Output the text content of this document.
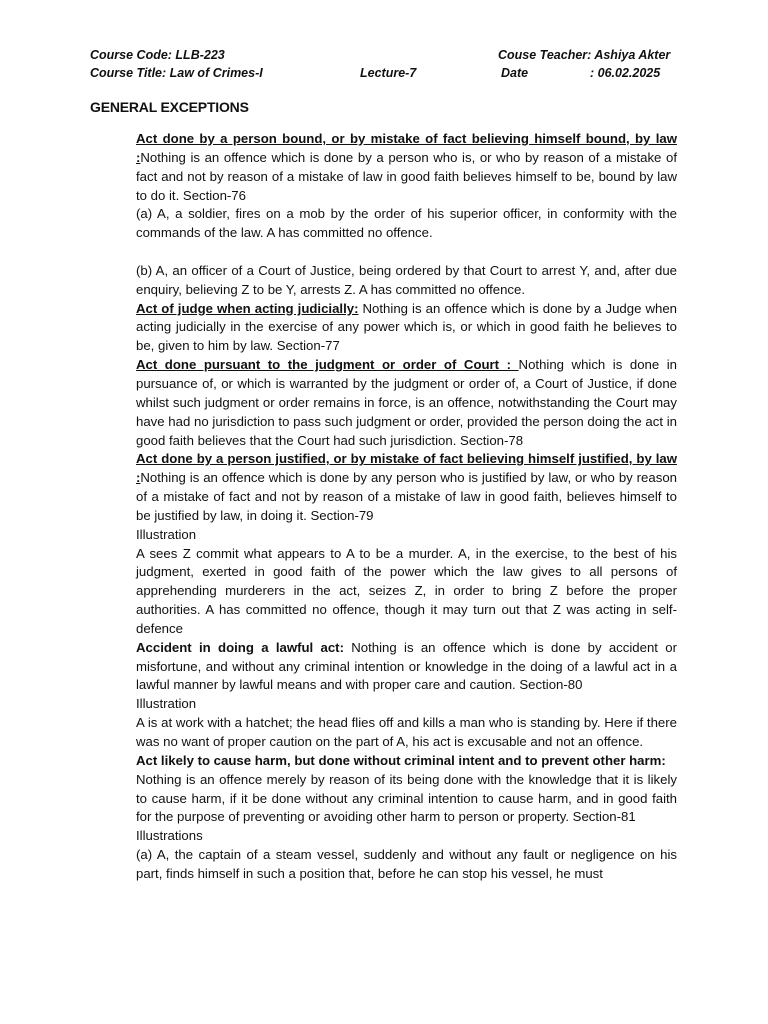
Course Code: LLB-223
Course Title: Law of Crimes-I	Lecture-7
Couse Teacher: Ashiya Akter
Date	: 06.02.2025
GENERAL EXCEPTIONS

Act done by a person bound, or by mistake of fact believing himself bound, by law :Nothing is an offence which is done by a person who is, or who by reason of a mistake of fact and not by reason of a mistake of law in good faith believes himself to be, bound by law to do it. Section-76

(a) A, a soldier, fires on a mob by the order of his superior officer, in conformity with the commands of the law. A has committed no offence.

(b) A, an officer of a Court of Justice, being ordered by that Court to arrest Y, and, after due enquiry, believing Z to be Y, arrests Z. A has committed no offence.

Act of judge when acting judicially: Nothing is an offence which is done by a Judge when acting judicially in the exercise of any power which is, or which in good faith he believes to be, given to him by law. Section-77

Act done pursuant to the judgment or order of Court : Nothing which is done in pursuance of, or which is warranted by the judgment or order of, a Court of Justice, if done whilst such judgment or order remains in force, is an offence, notwithstanding the Court may have had no jurisdiction to pass such judgment or order, provided the person doing the act in good faith believes that the Court had such jurisdiction. Section-78

Act done by a person justified, or by mistake of fact believing himself justified, by law :Nothing is an offence which is done by any person who is justified by law, or who by reason of a mistake of fact and not by reason of a mistake of law in good faith, believes himself to be justified by law, in doing it. Section-79

Illustration

A sees Z commit what appears to A to be a murder. A, in the exercise, to the best of his judgment, exerted in good faith of the power which the law gives to all persons of apprehending murderers in the act, seizes Z, in order to bring Z before the proper authorities. A has committed no offence, though it may turn out that Z was acting in self-defence

Accident in doing a lawful act: Nothing is an offence which is done by accident or misfortune, and without any criminal intention or knowledge in the doing of a lawful act in a lawful manner by lawful means and with proper care and caution. Section-80

Illustration

A is at work with a hatchet; the head flies off and kills a man who is standing by. Here if there was no want of proper caution on the part of A, his act is excusable and not an offence.

Act likely to cause harm, but done without criminal intent and to prevent other harm:

Nothing is an offence merely by reason of its being done with the knowledge that it is likely to cause harm, if it be done without any criminal intention to cause harm, and in good faith for the purpose of preventing or avoiding other harm to person or property. Section-81

Illustrations

(a) A, the captain of a steam vessel, suddenly and without any fault or negligence on his part, finds himself in such a position that, before he can stop his vessel, he must
